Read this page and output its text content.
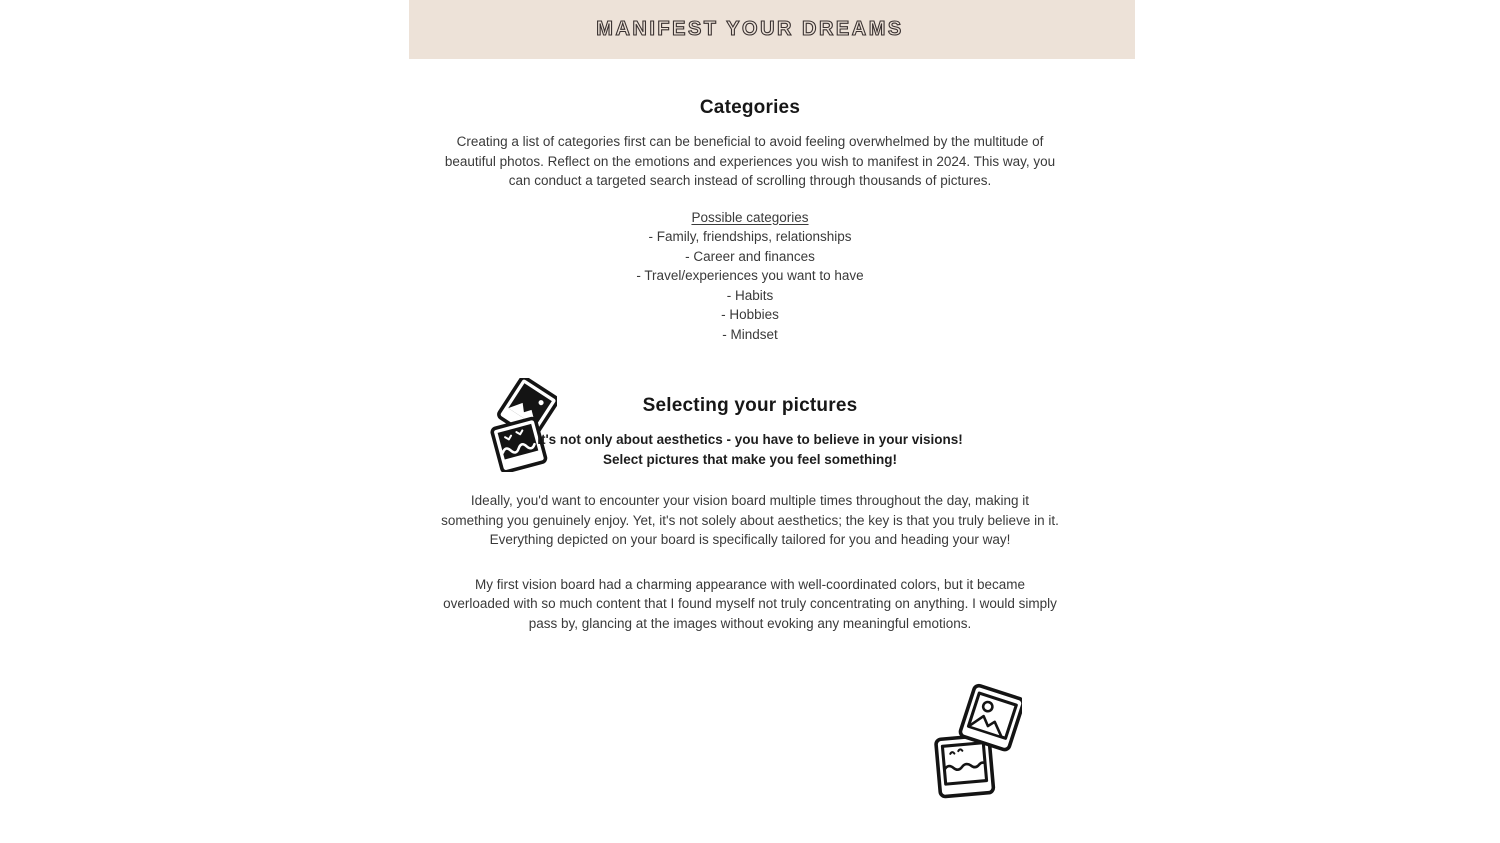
MANIFEST YOUR DREAMS
Categories

Creating a list of categories first can be beneficial to avoid feeling overwhelmed by the multitude of beautiful photos. Reflect on the emotions and experiences you wish to manifest in 2024. This way, you can conduct a targeted search instead of scrolling through thousands of pictures.

Possible categories
- Family, friendships, relationships
- Career and finances
- Travel/experiences you want to have
- Habits
- Hobbies
- Mindset
Selecting your pictures
It's not only about aesthetics - you have to believe in your visions!
Select pictures that make you feel something!

Ideally, you'd want to encounter your vision board multiple times throughout the day, making it something you genuinely enjoy. Yet, it's not solely about aesthetics; the key is that you truly believe in it. Everything depicted on your board is specifically tailored for you and heading your way!

My first vision board had a charming appearance with well-coordinated colors, but it became overloaded with so much content that I found myself not truly concentrating on anything. I would simply pass by, glancing at the images without evoking any meaningful emotions.
